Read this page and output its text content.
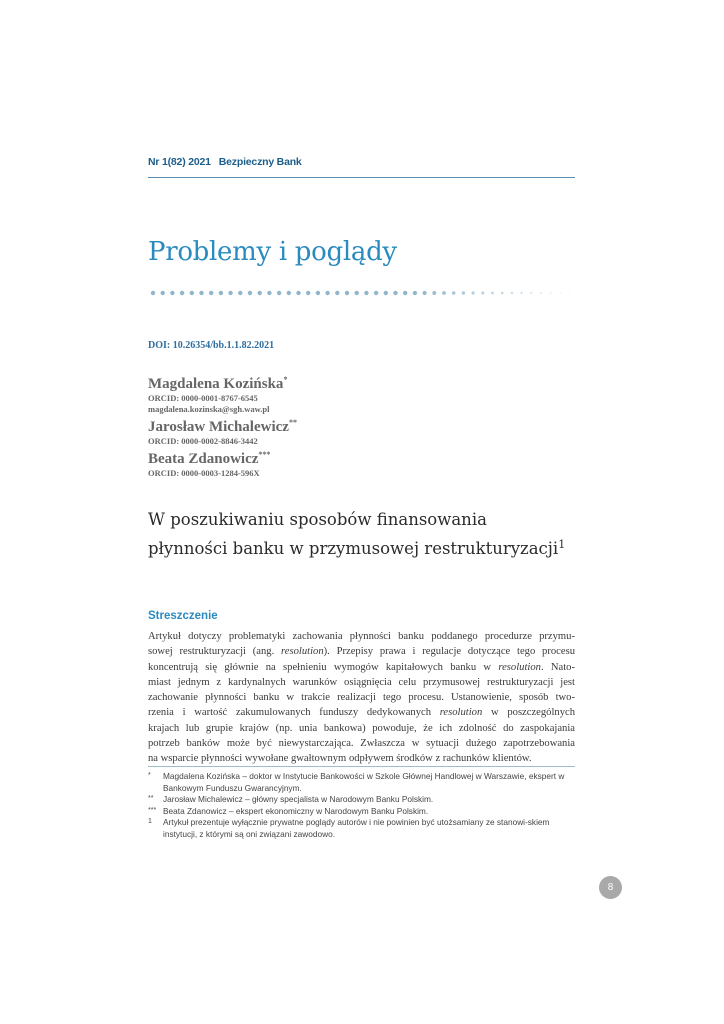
Nr 1(82) 2021 Bezpieczny Bank
Problemy i poglądy
DOI: 10.26354/bb.1.1.82.2021
Magdalena Kozińska*
ORCID: 0000-0001-8767-6545
magdalena.kozinska@sgh.waw.pl
Jarosław Michalewicz**
ORCID: 0000-0002-8846-3442
Beata Zdanowicz***
ORCID: 0000-0003-1284-596X
W poszukiwaniu sposobów finansowania
płynności banku w przymusowej restrukturyzacji$^1$
Streszczenie
Artykuł dotyczy problematyki zachowania płynności banku poddanego procedurze przymu-
sowej restrukturyzacji (ang. resolution). Przepisy prawa i regulacje dotyczące tego procesu
koncentrują się głównie na spełnieniu wymogów kapitałowych banku w resolution. Nato-
miast jednym z kardynalnych warunków osiągnięcia celu przymusowej restrukturyzacji jest
zachowanie płynności banku w trakcie realizacji tego procesu. Ustanowienie, sposób two-
rzenia i wartość zakumulowanych funduszy dedykowanych resolution w poszczególnych
krajach lub grupie krajów (np. unia bankowa) powoduje, że ich zdolność do zaspokajania
potrzeb banków może być niewystarczająca. Zwłaszcza w sytuacji dużego zapotrzebowania
na wsparcie płynności wywołane gwałtownym odpływem środków z rachunków klientów.
* Magdalena Kozińska – doktor w Instytucie Bankowości w Szkole Głównej Handlowej w Warszawie, ekspert w Bankowym Funduszu Gwarancyjnym.
** Jarosław Michalewicz – główny specjalista w Narodowym Banku Polskim.
*** Beata Zdanowicz – ekspert ekonomiczny w Narodowym Banku Polskim.
1 Artykuł prezentuje wyłącznie prywatne poglądy autorów i nie powinien być utożsamiany ze stanowi-skiem instytucji, z którymi są oni związani zawodowo.
8
